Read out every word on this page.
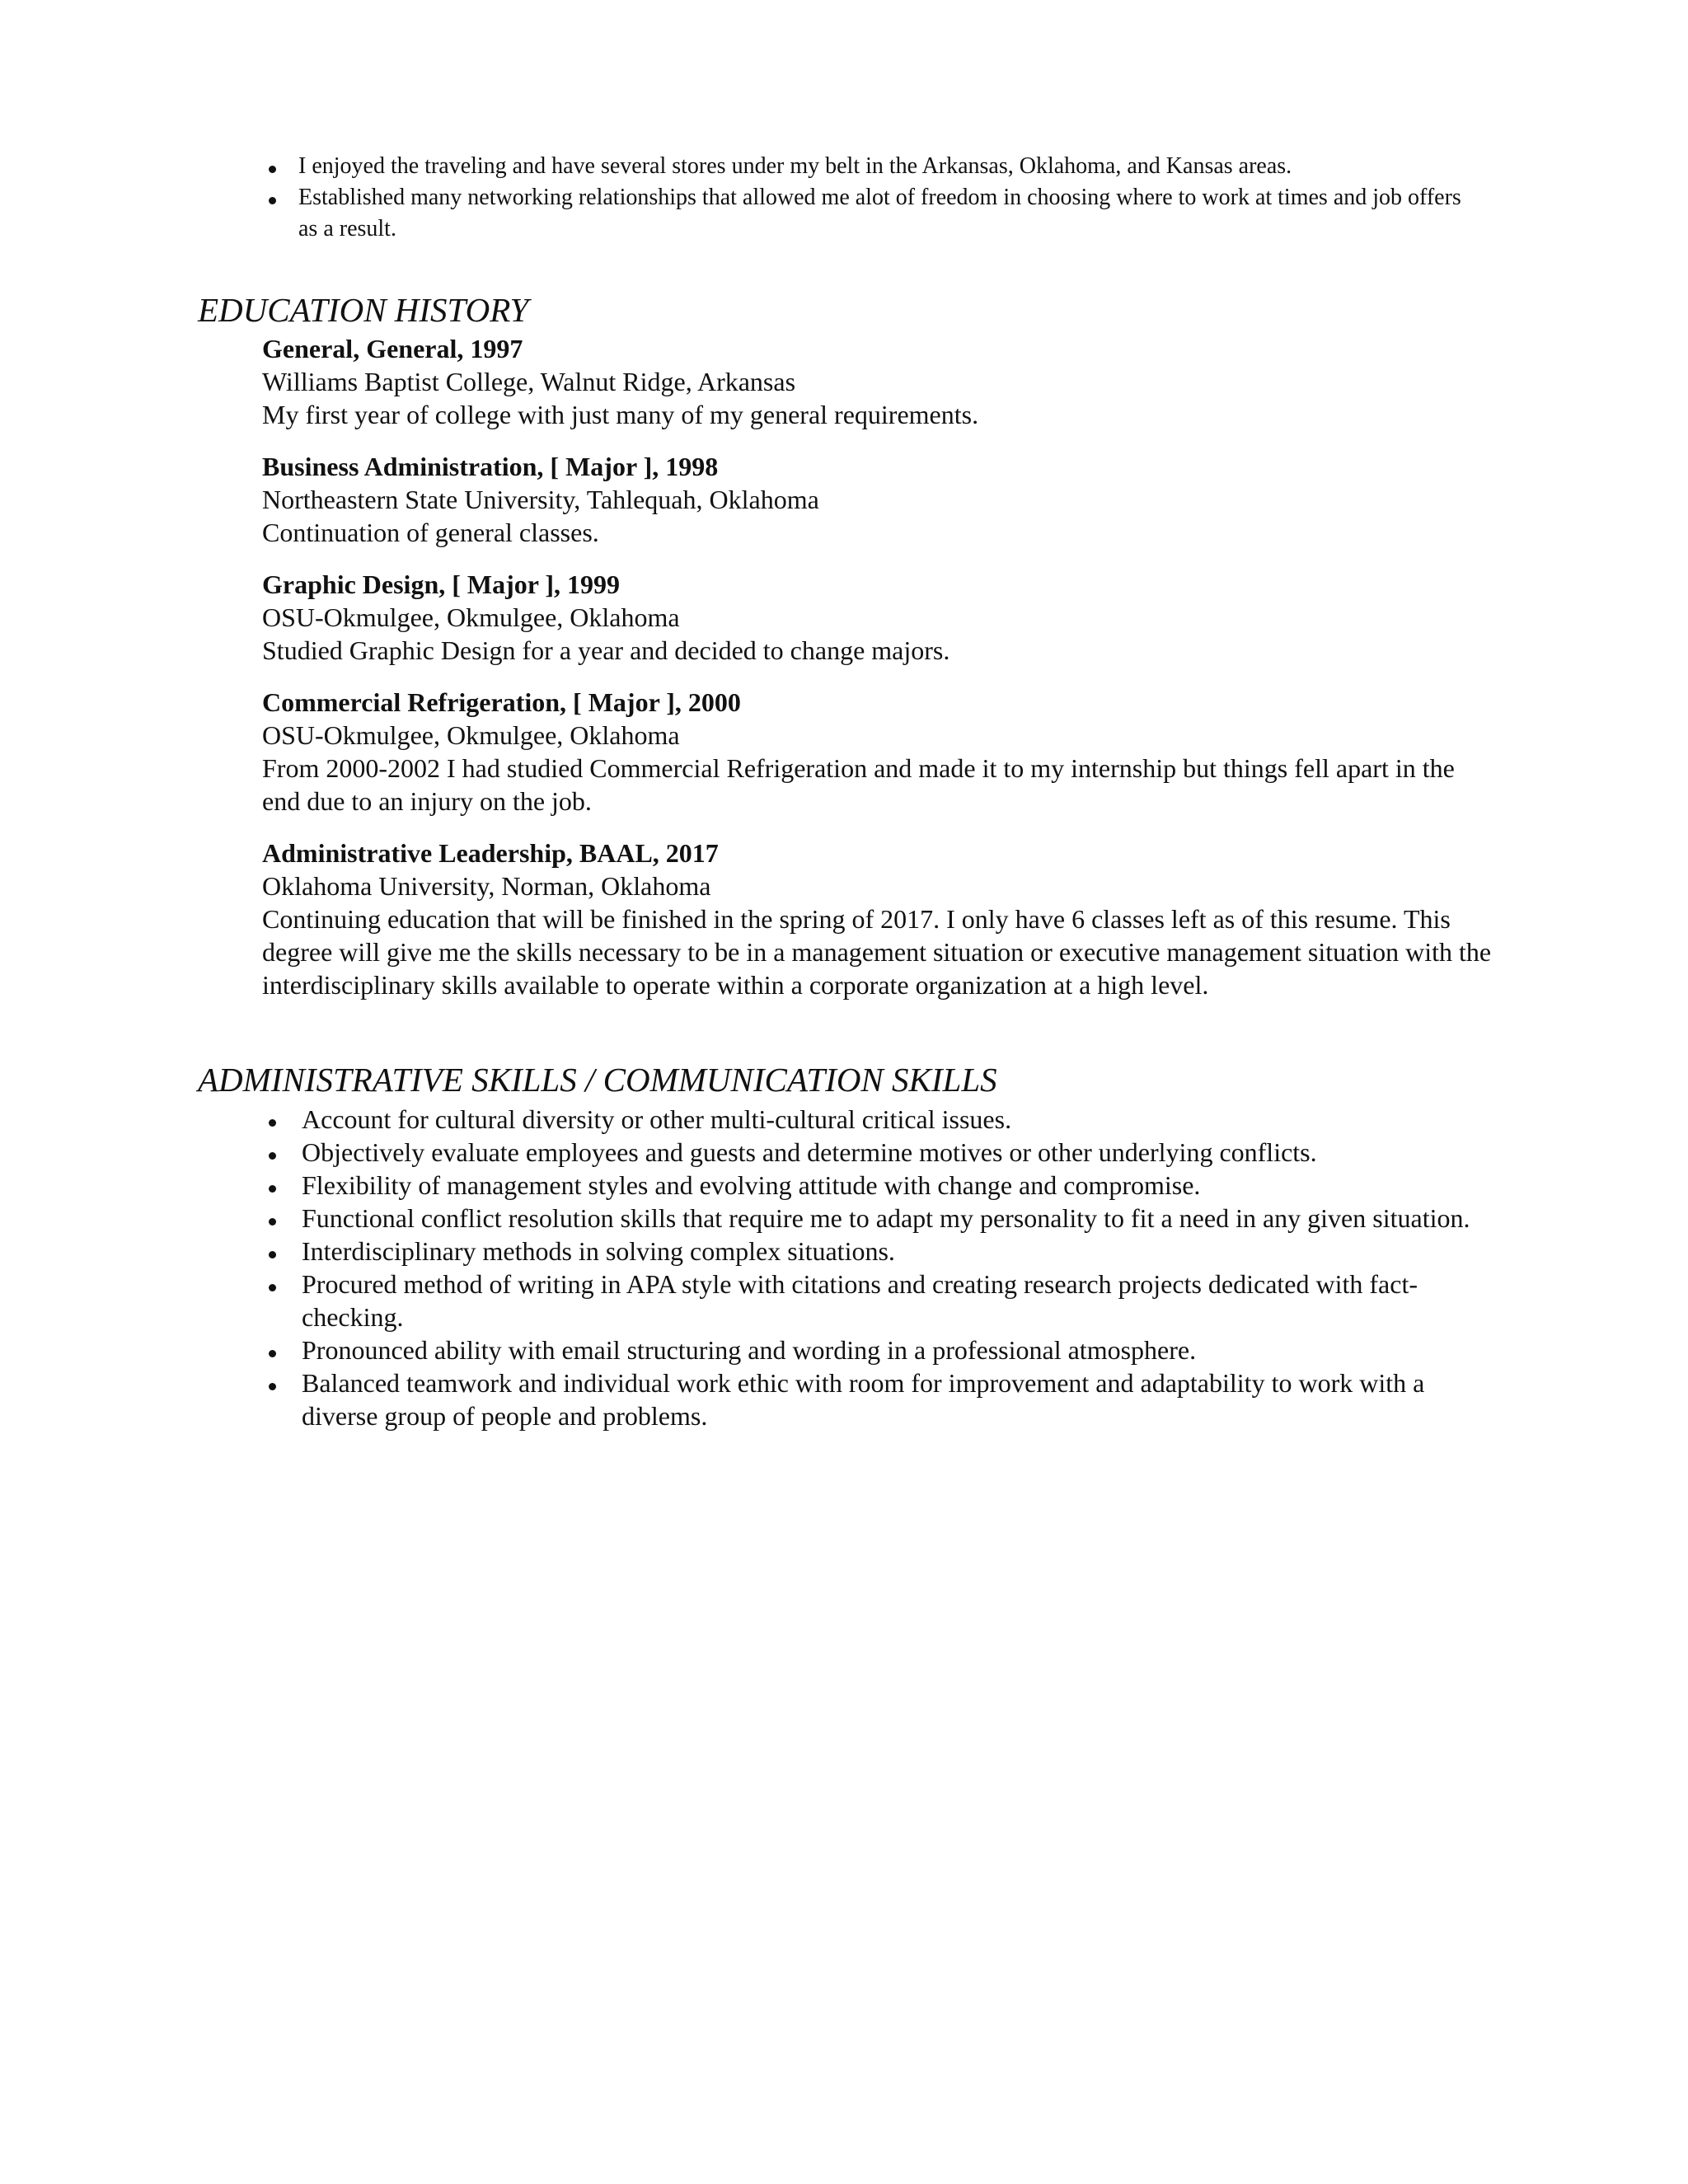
I enjoyed the traveling and have several stores under my belt in the Arkansas, Oklahoma, and Kansas areas.
Established many networking relationships that allowed me alot of freedom in choosing where to work at times and job offers as a result.
EDUCATION HISTORY

General, General, 1997

Williams Baptist College, Walnut Ridge, Arkansas

My first year of college with just many of my general requirements.

Business Administration, [ Major ], 1998

Northeastern State University, Tahlequah, Oklahoma

Continuation of general classes.

Graphic Design, [ Major ], 1999

OSU-Okmulgee, Okmulgee, Oklahoma

Studied Graphic Design for a year and decided to change majors.

Commercial Refrigeration, [ Major ], 2000

OSU-Okmulgee, Okmulgee, Oklahoma

From 2000-2002 I had studied Commercial Refrigeration and made it to my internship but things fell apart in the end due to an injury on the job.

Administrative Leadership, BAAL, 2017

Oklahoma University, Norman, Oklahoma

Continuing education that will be finished in the spring of 2017. I only have 6 classes left as of this resume. This degree will give me the skills necessary to be in a management situation or executive management situation with the interdisciplinary skills available to operate within a corporate organization at a high level.

ADMINISTRATIVE SKILLS / COMMUNICATION SKILLS
Account for cultural diversity or other multi-cultural critical issues.
Objectively evaluate employees and guests and determine motives or other underlying conflicts.
Flexibility of management styles and evolving attitude with change and compromise.
Functional conflict resolution skills that require me to adapt my personality to fit a need in any given situation.
Interdisciplinary methods in solving complex situations.
Procured method of writing in APA style with citations and creating research projects dedicated with fact-checking.
Pronounced ability with email structuring and wording in a professional atmosphere.
Balanced teamwork and individual work ethic with room for improvement and adaptability to work with a diverse group of people and problems.
